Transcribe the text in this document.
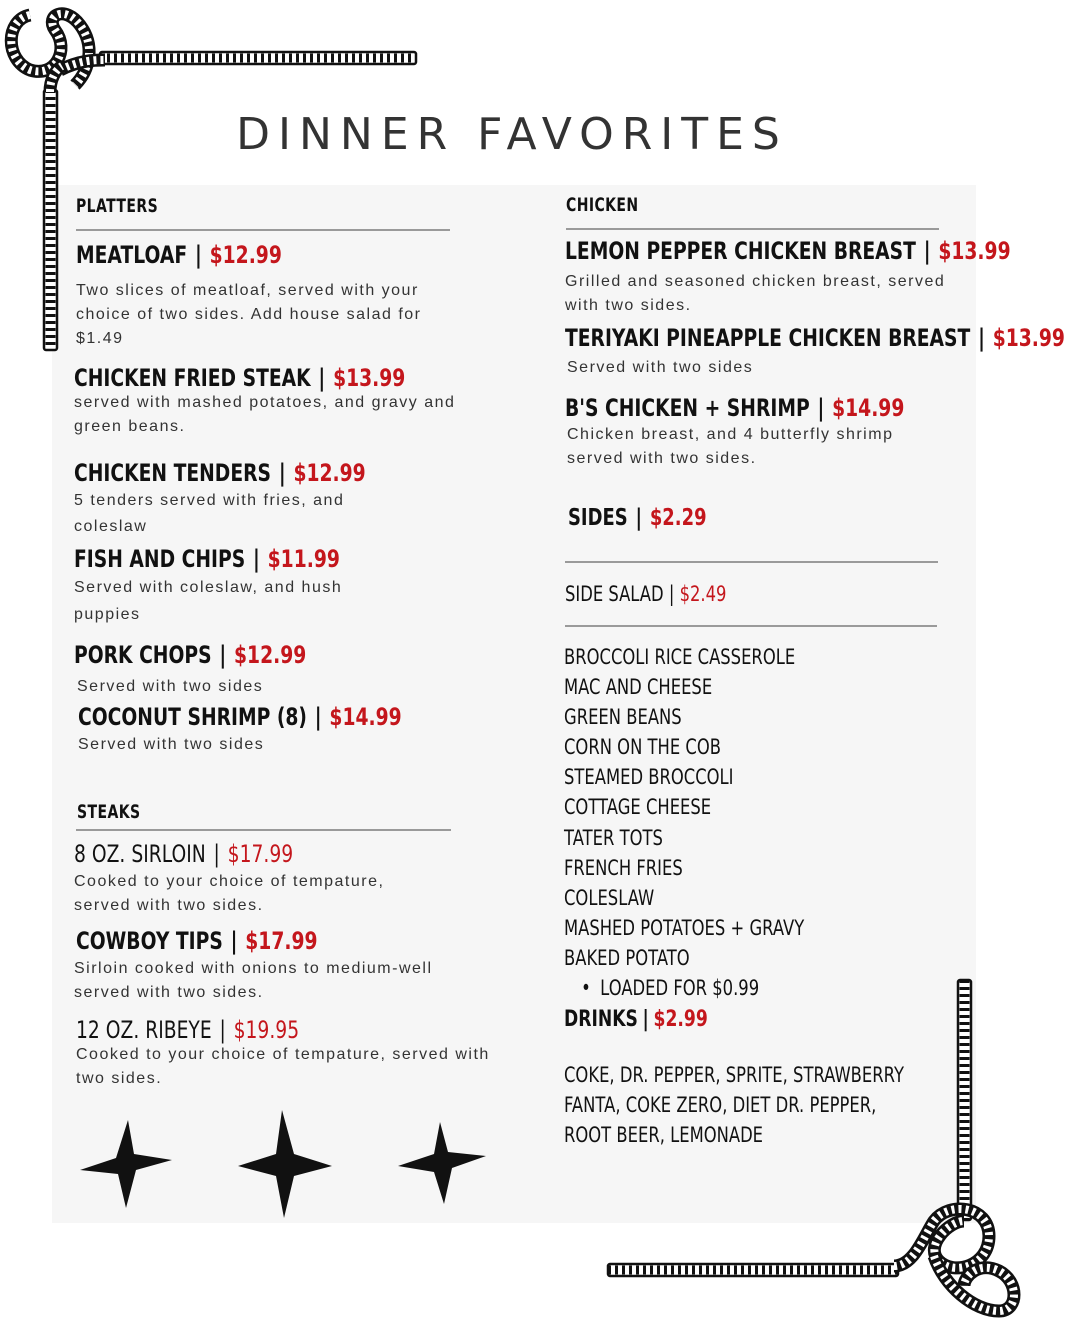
DINNER FAVORITES
PLATTERS
MEATLOAF | $12.99
Two slices of meatloaf, served with your choice of two sides. Add house salad for $1.49
CHICKEN FRIED STEAK | $13.99
served with mashed potatoes, and gravy and green beans.
CHICKEN TENDERS | $12.99
5 tenders served with fries, and coleslaw
FISH AND CHIPS | $11.99
Served with coleslaw, and hush puppies
PORK CHOPS | $12.99
Served with two sides
COCONUT SHRIMP (8) | $14.99
Served with two sides
STEAKS
8 OZ. SIRLOIN | $17.99
Cooked to your choice of tempature, served with two sides.
COWBOY TIPS | $17.99
Sirloin cooked with onions to medium-well served with two sides.
12 OZ. RIBEYE | $19.95
Cooked to your choice of tempature, served with two sides.
CHICKEN
LEMON PEPPER CHICKEN BREAST | $13.99
Grilled and seasoned chicken breast, served with two sides.
TERIYAKI PINEAPPLE CHICKEN BREAST | $13.99
Served with two sides
B'S CHICKEN + SHRIMP | $14.99
Chicken breast, and 4 butterfly shrimp served with two sides.
SIDES | $2.29
SIDE SALAD | $2.49
BROCCOLI RICE CASSEROLE
MAC AND CHEESE
GREEN BEANS
CORN ON THE COB
STEAMED BROCCOLI
COTTAGE CHEESE
TATER TOTS
FRENCH FRIES
COLESLAW
MASHED POTATOES + GRAVY
BAKED POTATO
• LOADED FOR $0.99
DRINKS | $2.99
COKE, DR. PEPPER, SPRITE, STRAWBERRY FANTA, COKE ZERO, DIET DR. PEPPER, ROOT BEER, LEMONADE
